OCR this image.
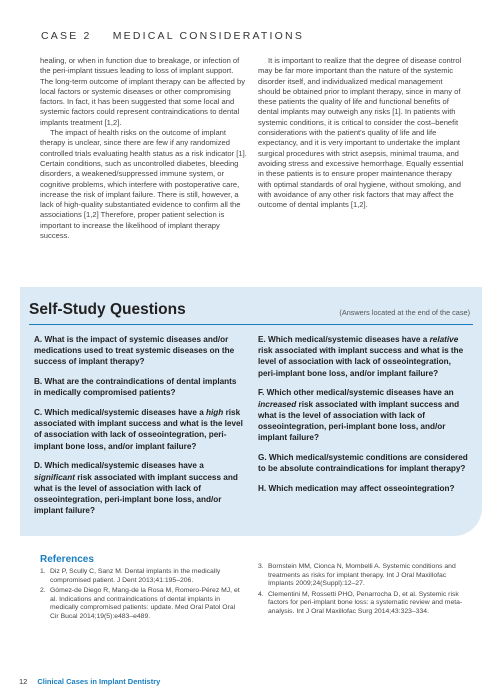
CASE 2 MEDICAL CONSIDERATIONS

healing, or when in function due to breakage, or infection of the peri-implant tissues leading to loss of implant support. The long-term outcome of implant therapy can be affected by local factors or systemic diseases or other compromising factors. In fact, it has been suggested that some local and systemic factors could represent contraindications to dental implants treatment [1,2].

The impact of health risks on the outcome of implant therapy is unclear, since there are few if any randomized controlled trials evaluating health status as a risk indicator [1]. Certain conditions, such as uncontrolled diabetes, bleeding disorders, a weakened/suppressed immune system, or cognitive problems, which interfere with postoperative care, increase the risk of implant failure. There is still, however, a lack of high-quality substantiated evidence to confirm all the associations [1,2] Therefore, proper patient selection is important to increase the likelihood of implant therapy success.

It is important to realize that the degree of disease control may be far more important than the nature of the systemic disorder itself, and individualized medical management should be obtained prior to implant therapy, since in many of these patients the quality of life and functional benefits of dental implants may outweigh any risks [1]. In patients with systemic conditions, it is critical to consider the cost–benefit considerations with the patient's quality of life and life expectancy, and it is very important to undertake the implant surgical procedures with strict asepsis, minimal trauma, and avoiding stress and excessive hemorrhage. Equally essential in these patients is to ensure proper maintenance therapy with optimal standards of oral hygiene, without smoking, and with avoidance of any other risk factors that may affect the outcome of dental implants [1,2].

Self-Study Questions	(Answers located at the end of the case)
A. What is the impact of systemic diseases and/or medications used to treat systemic diseases on the success of implant therapy?
B. What are the contraindications of dental implants in medically compromised patients?
C. Which medical/systemic diseases have a high risk associated with implant success and what is the level of association with lack of osseointegration, peri-implant bone loss, and/or implant failure?
D. Which medical/systemic diseases have a significant risk associated with implant success and what is the level of association with lack of osseointegration, peri-implant bone loss, and/or implant failure?
E. Which medical/systemic diseases have a relative risk associated with implant success and what is the level of association with lack of osseointegration, peri-implant bone loss, and/or implant failure?
F. Which other medical/systemic diseases have an increased risk associated with implant success and what is the level of association with lack of osseointegration, peri-implant bone loss, and/or implant failure?
G. Which medical/systemic conditions are considered to be absolute contraindications for implant therapy?
H. Which medication may affect osseointegration?
References
1. Diz P, Scully C, Sanz M. Dental implants in the medically compromised patient. J Dent 2013;41:195–206.
2. Gómez-de Diego R, Mang-de la Rosa M, Romero-Pérez MJ, et al. Indications and contraindications of dental implants in medically compromised patients: update. Med Oral Patol Oral Cir Bucal 2014;19(5):e483–e489.
3. Bornstein MM, Cionca N, Mombelli A. Systemic conditions and treatments as risks for implant therapy. Int J Oral Maxillofac Implants 2009;24(Suppl):12–27.
4. Clementini M, Rossetti PHO, Penarrocha D, et al. Systemic risk factors for peri-implant bone loss: a systematic review and meta-analysis. Int J Oral Maxillofac Surg 2014;43:323–334.
12 Clinical Cases in Implant Dentistry
